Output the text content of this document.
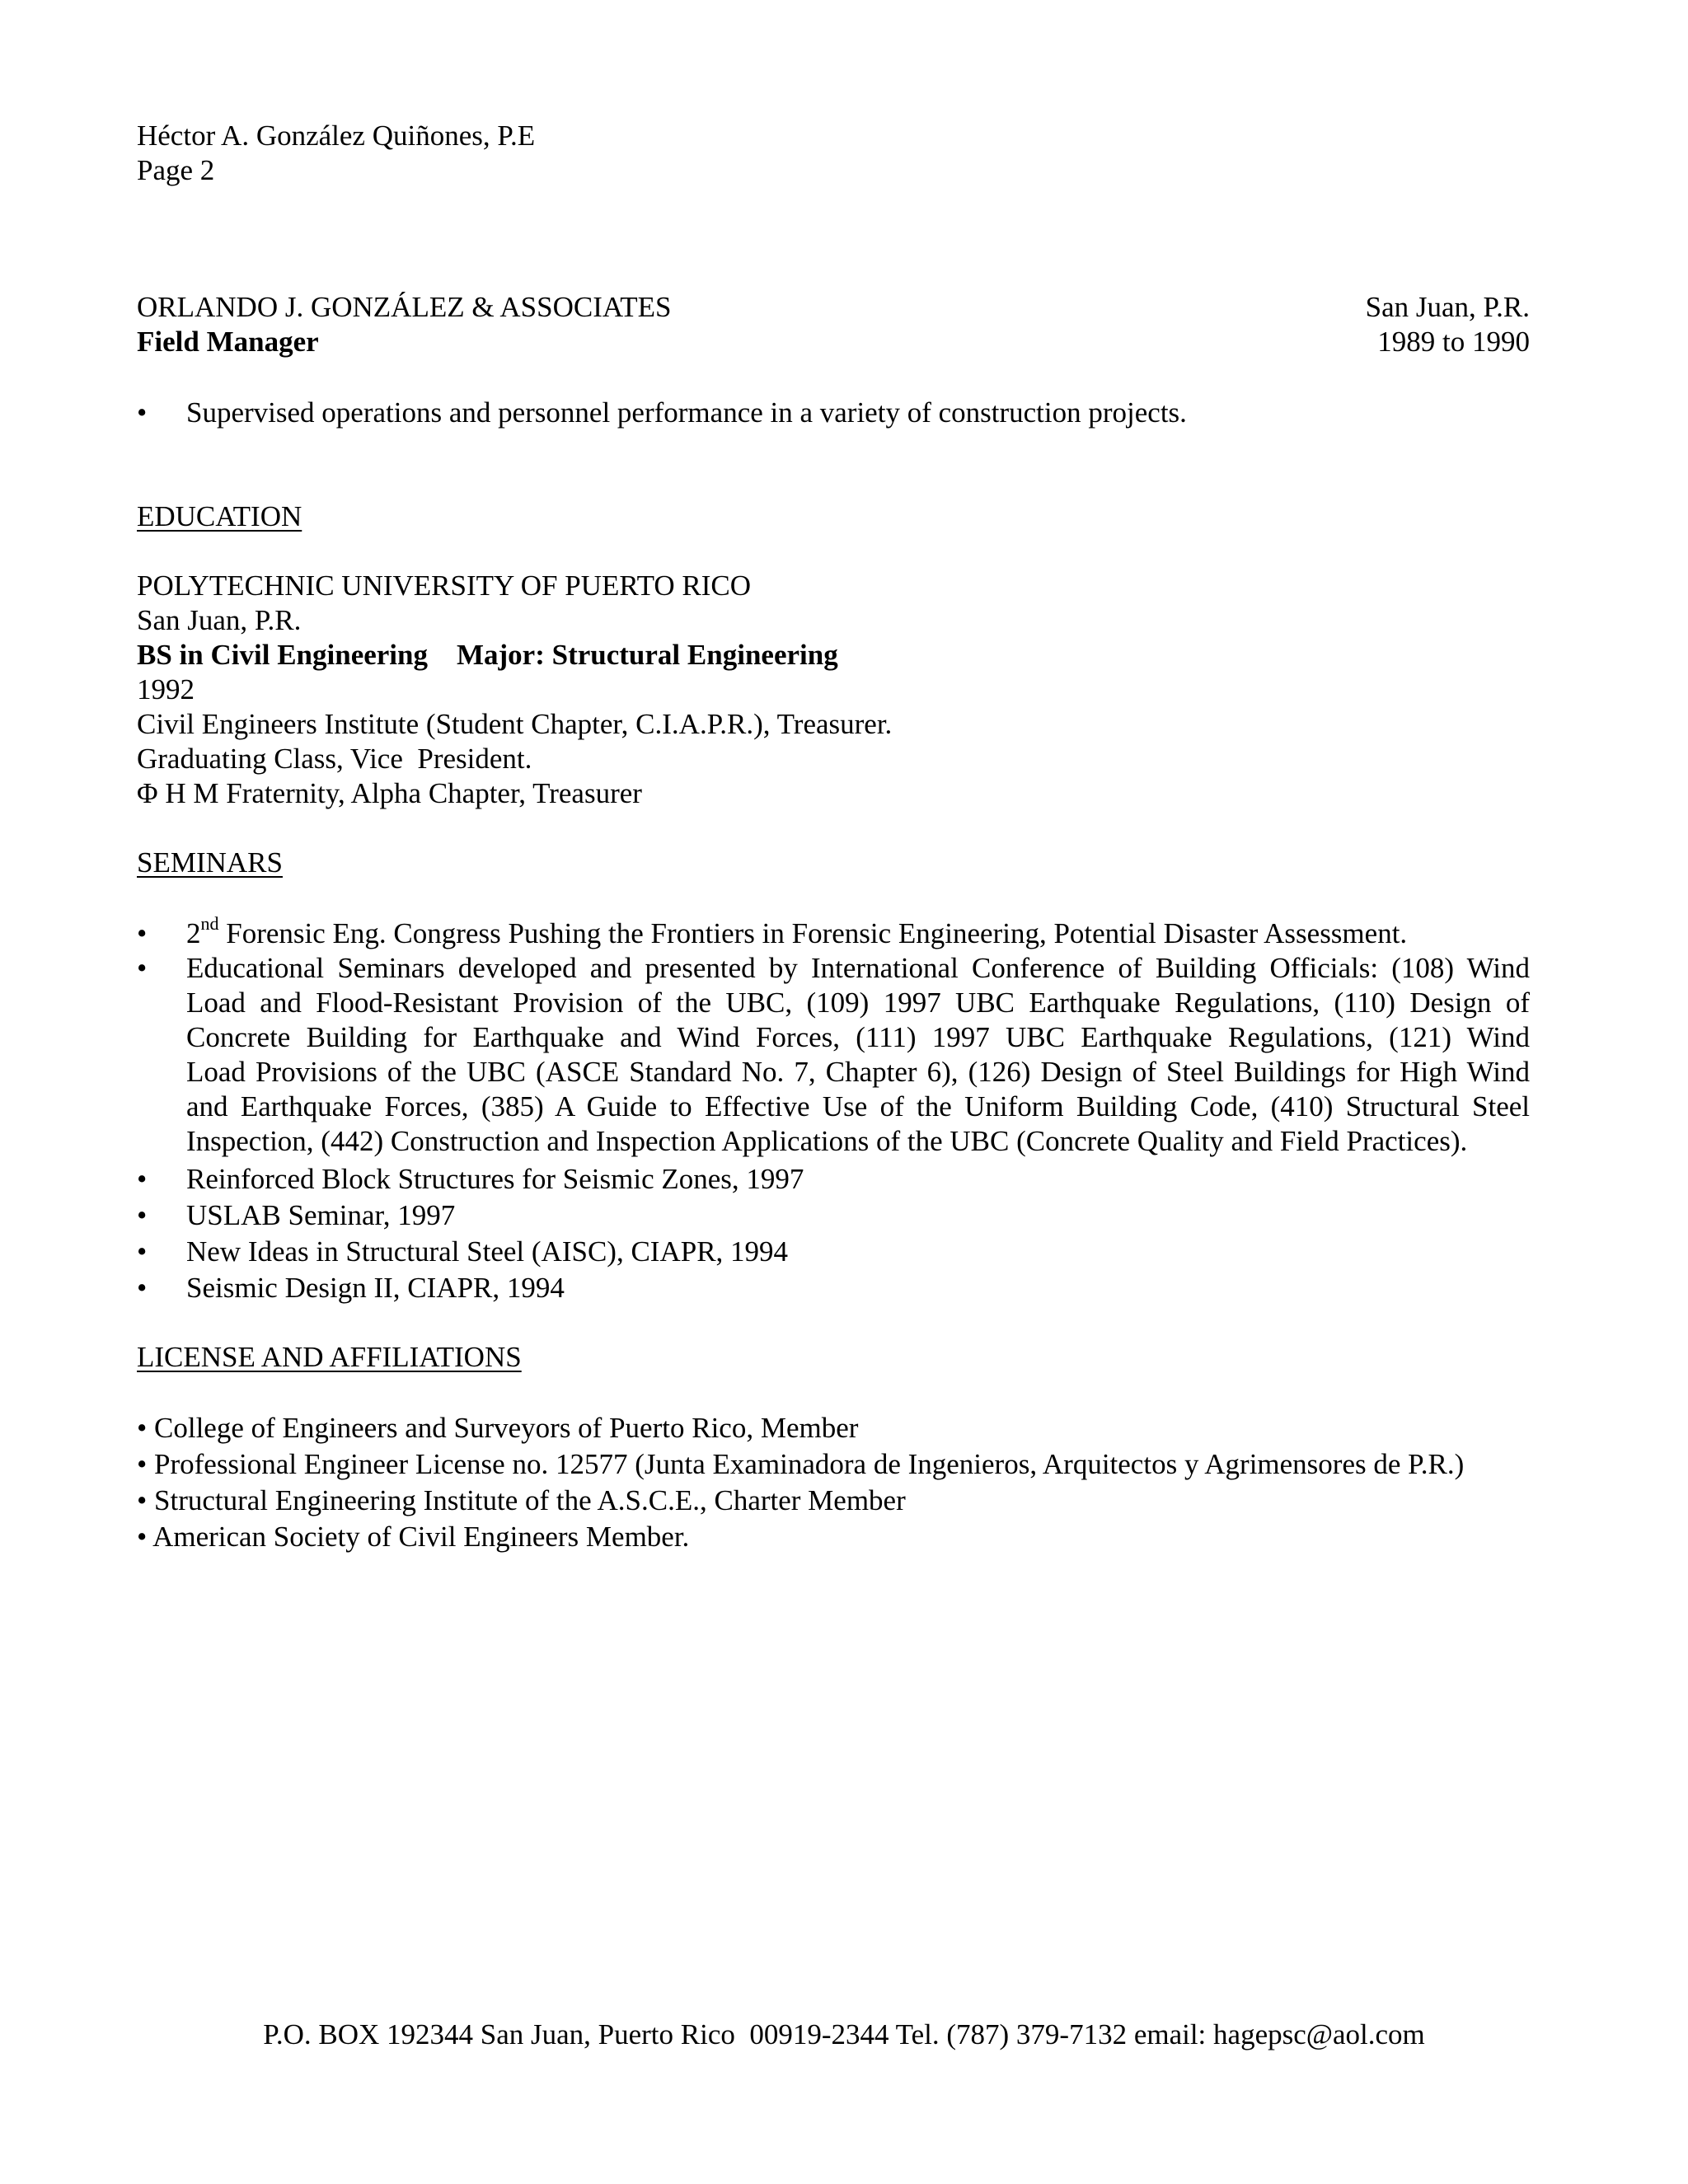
Héctor A. González Quiñones, P.E
Page 2
ORLANDO J. GONZÁLEZ & ASSOCIATES	San Juan, P.R.
Field Manager	1989 to 1990
• Supervised operations and personnel performance in a variety of construction projects.
EDUCATION
POLYTECHNIC UNIVERSITY OF PUERTO RICO
San Juan, P.R.
BS in Civil Engineering    Major: Structural Engineering
1992
Civil Engineers Institute (Student Chapter, C.I.A.P.R.), Treasurer.
Graduating Class, Vice  President.
Φ H M Fraternity, Alpha Chapter, Treasurer
SEMINARS
• 2nd Forensic Eng. Congress Pushing the Frontiers in Forensic Engineering, Potential Disaster Assessment.
• Educational Seminars developed and presented by International Conference of Building Officials: (108) Wind
Load and Flood-Resistant Provision of the UBC, (109) 1997 UBC Earthquake Regulations, (110) Design of
Concrete Building for Earthquake and Wind Forces, (111) 1997 UBC Earthquake Regulations, (121) Wind
Load Provisions of the UBC (ASCE Standard No. 7, Chapter 6), (126) Design of Steel Buildings for High Wind
and Earthquake Forces, (385) A Guide to Effective Use of the Uniform Building Code, (410) Structural Steel
Inspection, (442) Construction and Inspection Applications of the UBC (Concrete Quality and Field Practices).
• Reinforced Block Structures for Seismic Zones, 1997
• USLAB Seminar, 1997
• New Ideas in Structural Steel (AISC), CIAPR, 1994
• Seismic Design II, CIAPR, 1994
LICENSE AND AFFILIATIONS
• College of Engineers and Surveyors of Puerto Rico, Member
• Professional Engineer License no. 12577 (Junta Examinadora de Ingenieros, Arquitectos y Agrimensores de P.R.)
• Structural Engineering Institute of the A.S.C.E., Charter Member
• American Society of Civil Engineers Member.
P.O. BOX 192344 San Juan, Puerto Rico  00919-2344 Tel. (787) 379-7132 email: hagepsc@aol.com
